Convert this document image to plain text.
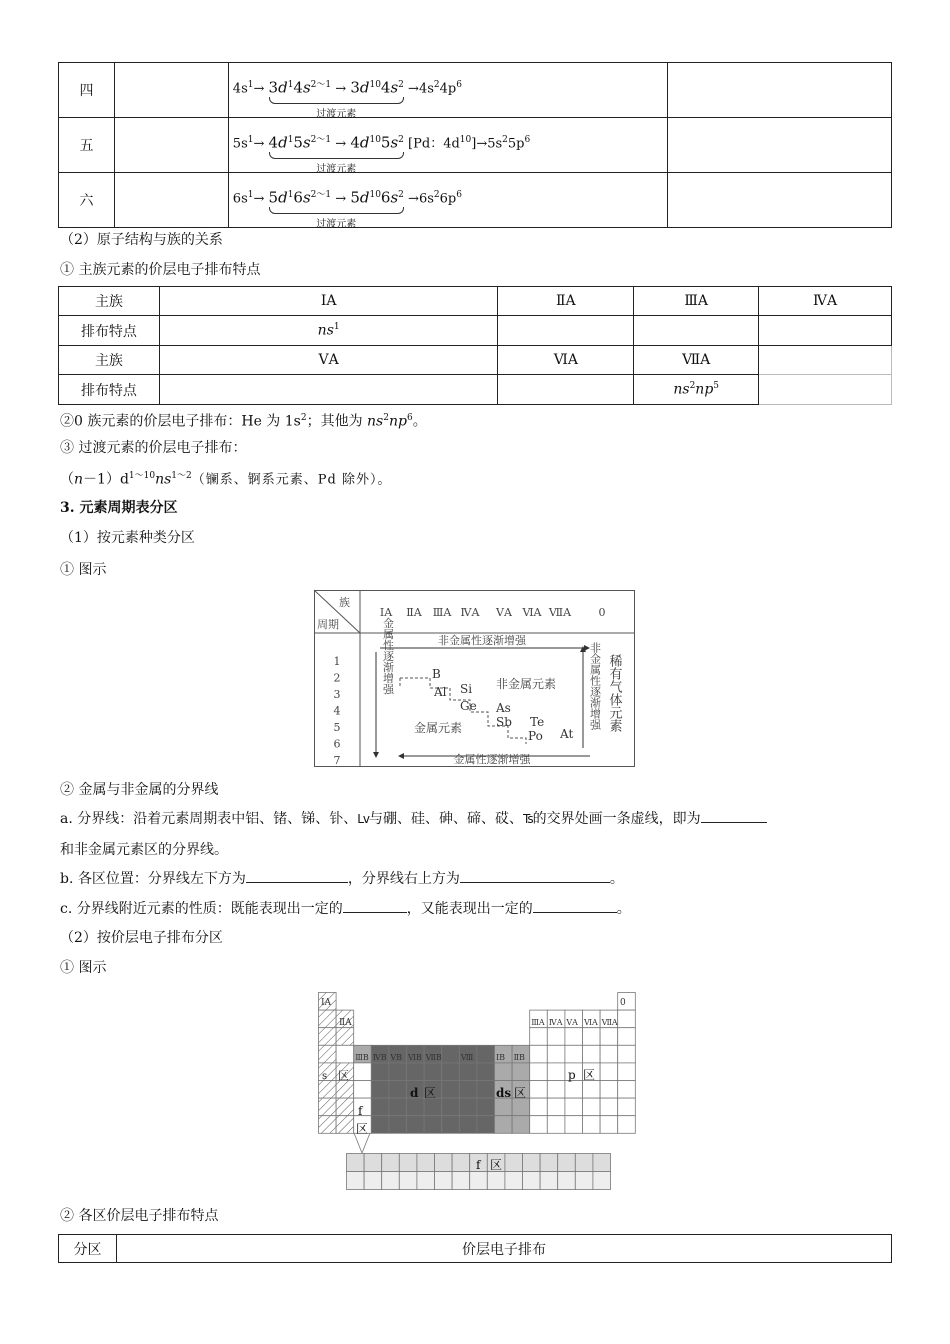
四		$4s^1\to 3d^14s^{2\sim 1} \to 3d^{10}4s^2$
过渡元素
$\to 4s^24p^6$

五		$5s^1\to 4d^15s^{2\sim 1} \to 4d^{10}5s^2$
过渡元素
[Pd：$4d^{10}]\to 5s^25p^6$

六		$6s^1\to 5d^16s^{2\sim 1} \to 5d^{10}6s^2$
过渡元素
$\to 6s^26p^6$

（2）原子结构与族的关系
① 主族元素的价层电子排布特点
主族	ⅠA	ⅡA	ⅢA	ⅣA
排布特点	$ns^1$			
主族	ⅤA	ⅥA	ⅦA	
排布特点			$ns^2np^5$	
②0 族元素的价层电子排布：He 为 $1s^2$；其他为 $ns^2np^6$。
③ 过渡元素的价层电子排布：
$(n-1)d^{1\sim 10}ns^{1\sim 2}$（镧系、锕系元素、Pd 除外）。
3. 元素周期表分区
（1）按元素种类分区
① 图示
族
周期
ⅠA ⅡA ⅢA ⅣA ⅤA ⅥA ⅦA 0
1
2
3
4
5
6
7
非金属性逐渐增强
金属性逐渐增强
金属性逐渐增强	非金属性逐渐增强 稀有气体元素
B
Al Si
Ge As
Sb Te
Po At
非金属元素
金属元素
② 金属与非金属的分界线
a. 分界线：沿着元素周期表中铝、锗、锑、钋、Lv与硼、硅、砷、碲、砹、Ts的交界处画一条虚线，即为
和非金属元素区的分界线。
b. 各区位置：分界线左下方为	，分界线右上方为	。
c. 分界线附近元素的性质：既能表现出一定的	，又能表现出一定的	。
（2）按价层电子排布分区
① 图示
ⅠA
ⅡA
0
ⅢA ⅣA ⅤA ⅥA ⅦA
ⅢB ⅣB ⅤB ⅥB ⅦB Ⅷ	ⅠB ⅡB
s 区
d 区	ds 区
p 区
f
区
f 区
② 各区价层电子排布特点
分区	价层电子排布
